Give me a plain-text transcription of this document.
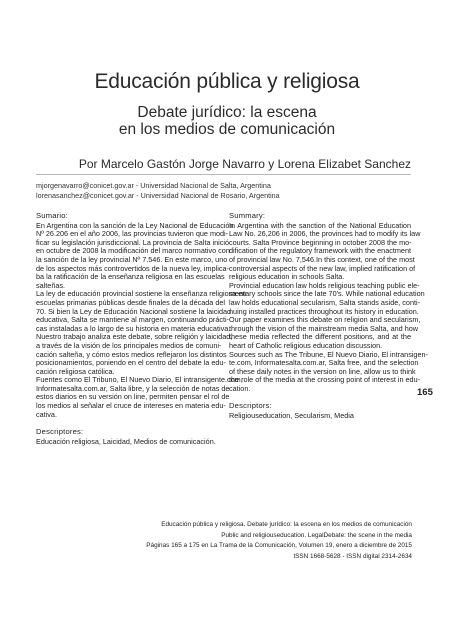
Educación pública y religiosa
Debate jurídico: la escena
en los medios de comunicación
Por Marcelo Gastón Jorge Navarro y Lorena Elizabet Sanchez
mjorgenavarro@conicet.gov.ar - Universidad Nacional de Salta, Argentina
lorenasanchez@conicet.gov.ar - Universidad Nacional de Rosario, Argentina
Sumario:

En Argentina con la sanción de la Ley Nacional de Educación
Nº 26.206 en el año 2006, las provincias tuvieron que modi-
ficar su legislación jurisdiccional. La provincia de Salta inició
en octubre de 2008 la modificación del marco normativo con
la sanción de la ley provincial Nº 7.546. En este marco, uno
de los aspectos más controvertidos de la nueva ley, implica-
ba la ratificación de la enseñanza religiosa en las escuelas
salteñas.
La ley de educación provincial sostiene la enseñanza religiosa en
escuelas primarias públicas desde finales de la década del
70. Si bien la Ley de Educación Nacional sostiene la laicidad
educativa, Salta se mantiene al margen, continuando prácti-
cas instaladas a lo largo de su historia en materia educativa.
Nuestro trabajo analiza este debate, sobre religión y laicidad,
a través de la visión de los principales medios de comuni-
cación salteña, y cómo estos medios reflejaron los distintos
posicionamientos, poniendo en el centro del debate la edu-
cación religiosa católica.
Fuentes como El Tribuno, El Nuevo Diario, El intransigente.com,
Informatesalta.com.ar, Salta libre, y la selección de notas de
estos diarios en su versión on line, permiten pensar el rol de
los medios al señalar el cruce de intereses en materia edu-
cativa.

Descriptores:

Educación religiosa, Laicidad, Medios de comunicación.

Summary:

In Argentina with the sanction of the National Education
Law No. 26,206 in 2006, the provinces had to modify its law
courts. Salta Province beginning in october 2008 the mo-
dification of the regulatory framework with the enactment
of provincial law No. 7,546.In this context, one of the most
controversial aspects of the new law, implied ratification of
religious education in schools Salta.
Provincial education law holds religious teaching public ele-
mentary schools since the late 70's. While national education
law holds educational secularism, Salta stands aside, conti-
nuing installed practices throughout its history in education.
Our paper examines this debate on religion and secularism,
through the vision of the mainstream media Salta, and how
these media reflected the different positions, and at the
heart of Catholic religious education discussion.
Sources such as The Tribune, El Nuevo Diario, El intransigen-
te.com, Informatesalta.com.ar, Salta free, and the selection
of these daily notes in the version on line, allow us to think
the role of the media at the crossing point of interest in edu-
cation.

Descriptors:

Religiouseducation, Secularism, Media

165
Educación pública y religiosa. Debate jurídico: la escena en los medios de comunicación
Public and religiouseducation. LegalDebate: the scene in the media
Páginas 165 a 175 en La Trama de la Comunicación, Volumen 19, enero a diciembre de 2015
ISSN 1668-5628 - ISSN digital 2314-2634
